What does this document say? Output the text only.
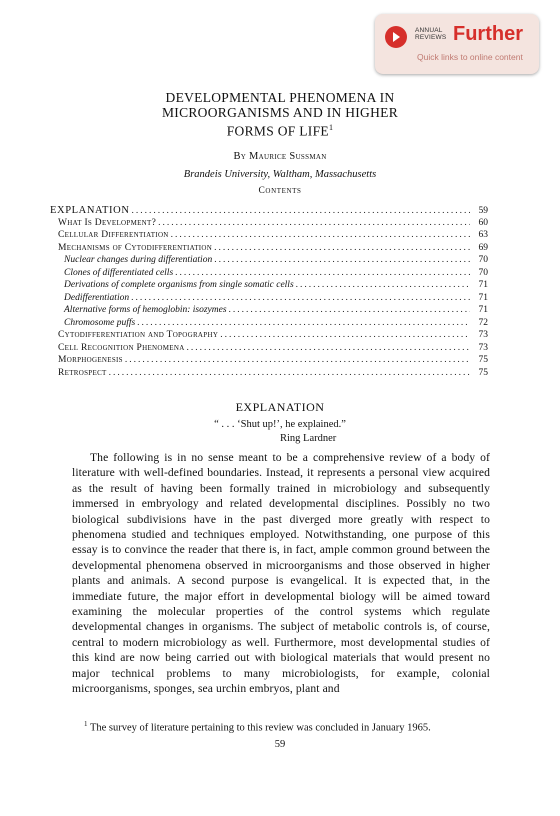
ANNUAL
REVIEWS Further
Quick links to online content
DEVELOPMENTAL PHENOMENA IN
MICROORGANISMS AND IN HIGHER
FORMS OF LIFE$^1$
By Maurice Sussman
Brandeis University, Waltham, Massachusetts
Contents
EXPLANATION .....	59
What Is Development? .....	60
Cellular Differentiation .....	63
Mechanisms of Cytodifferentiation .....	69
Nuclear changes during differentiation .....	70
Clones of differentiated cells .....	70
Derivations of complete organisms from single somatic cells .....	71
Dedifferentiation .....	71
Alternative forms of hemoglobin: isozymes .....	71
Chromosome puffs .....	72
Cytodifferentiation and Topography .....	73
Cell Recognition Phenomena .....	73
Morphogenesis .....	75
Retrospect .....	75
EXPLANATION
“ . . . ‘Shut up!’, he explained.”
Ring Lardner

The following is in no sense meant to be a comprehensive review of a body of literature with well-defined boundaries. Instead, it represents a personal view acquired as the result of having been formally trained in microbiology and subsequently immersed in embryology and related developmental disciplines. Possibly no two biological subdivisions have in the past diverged more greatly with respect to phenomena studied and techniques employed. Notwithstanding, one purpose of this essay is to convince the reader that there is, in fact, ample common ground between the developmental phenomena observed in microorganisms and those observed in higher plants and animals. A second purpose is evangelical. It is expected that, in the immediate future, the major effort in developmental biology will be aimed toward examining the molecular properties of the control systems which regulate developmental changes in organisms. The subject of metabolic controls is, of course, central to modern microbiology as well. Furthermore, most developmental studies of this kind are now being carried out with biological materials that would present no major technical problems to many microbiologists, for example, colonial microorganisms, sponges, sea urchin embryos, plant and

$^1$ The survey of literature pertaining to this review was concluded in January 1965.

59
